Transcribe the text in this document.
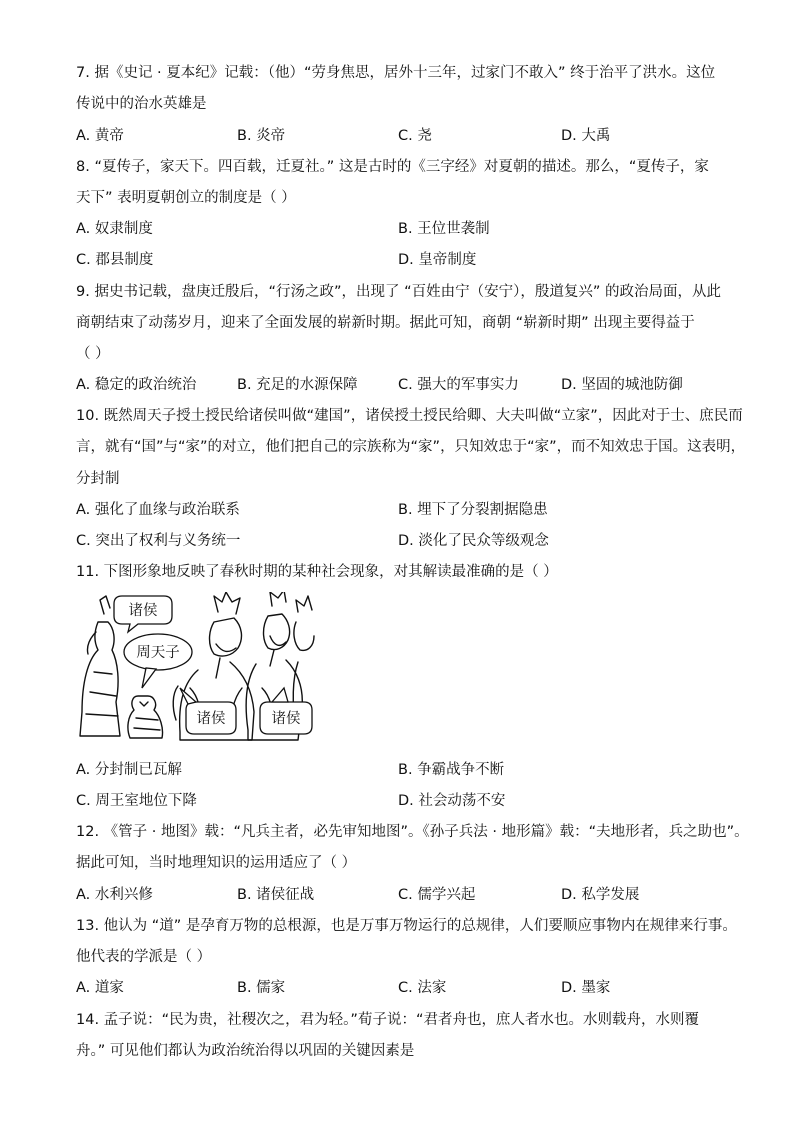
7. 据《史记 · 夏本纪》记载：（他）“劳身焦思，居外十三年，过家门不敢入” 终于治平了洪水。这位
传说中的治水英雄是
A. 黄帝	B. 炎帝	C. 尧	D. 大禹
8. “夏传子，家天下。四百载，迁夏社。” 这是古时的《三字经》对夏朝的描述。那么，“夏传子，家
天下” 表明夏朝创立的制度是（ ）
A. 奴隶制度	B. 王位世袭制
C. 郡县制度	D. 皇帝制度
9. 据史书记载，盘庚迁殷后，“行汤之政”，出现了 “百姓由宁（安宁），殷道复兴” 的政治局面，从此
商朝结束了动荡岁月，迎来了全面发展的崭新时期。据此可知，商朝 “崭新时期” 出现主要得益于
（ ）
A. 稳定的政治统治	B. 充足的水源保障	C. 强大的军事实力	D. 坚固的城池防御
10. 既然周天子授土授民给诸侯叫做“建国”，诸侯授土授民给卿、大夫叫做“立家”，因此对于士、庶民而
言，就有“国”与“家”的对立，他们把自己的宗族称为“家”，只知效忠于“家”，而不知效忠于国。这表明，
分封制
A. 强化了血缘与政治联系	B. 埋下了分裂割据隐患
C. 突出了权利与义务统一	D. 淡化了民众等级观念
11. 下图形象地反映了春秋时期的某种社会现象，对其解读最准确的是（ ）
诸侯
周天子
诸侯	诸侯
A. 分封制已瓦解	B. 争霸战争不断
C. 周王室地位下降	D. 社会动荡不安
12. 《管子 · 地图》载：“凡兵主者，必先审知地图”。《孙子兵法 · 地形篇》载：“夫地形者，兵之助也”。
据此可知，当时地理知识的运用适应了（ ）
A. 水利兴修	B. 诸侯征战	C. 儒学兴起	D. 私学发展
13. 他认为 “道” 是孕育万物的总根源，也是万事万物运行的总规律，人们要顺应事物内在规律来行事。
他代表的学派是（ ）
A. 道家	B. 儒家	C. 法家	D. 墨家
14. 孟子说：“民为贵，社稷次之，君为轻。”荀子说：“君者舟也，庶人者水也。水则载舟，水则覆
舟。” 可见他们都认为政治统治得以巩固的关键因素是
